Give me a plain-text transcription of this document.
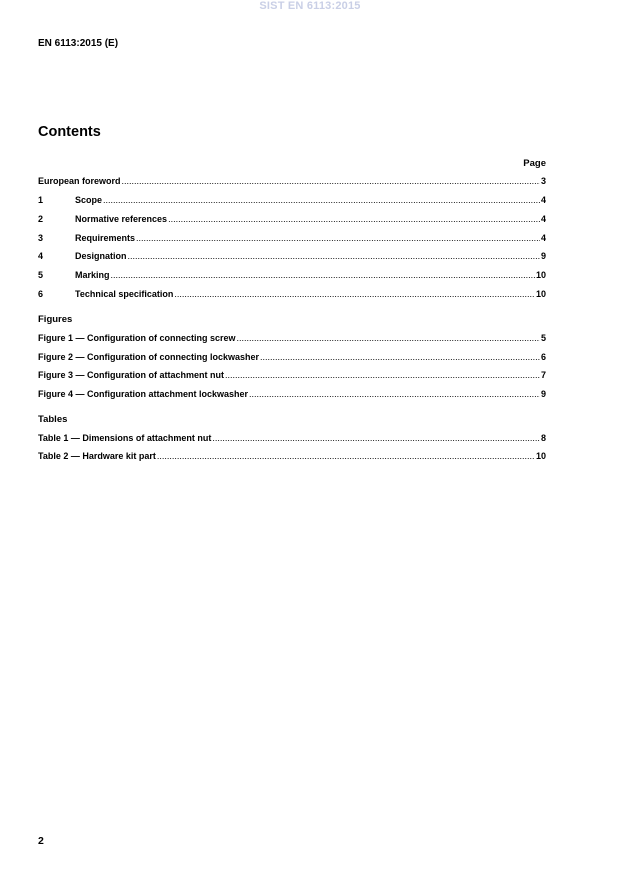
SIST EN 6113:2015
EN 6113:2015 (E)
Contents
Page
European foreword .....	3
1	Scope .....	4
2	Normative references .....	4
3	Requirements .....	4
4	Designation .....	9
5	Marking .....	10
6	Technical specification .....	10
Figures
Figure 1 — Configuration of connecting screw .....	5
Figure 2 — Configuration of connecting lockwasher .....	6
Figure 3 — Configuration of attachment nut .....	7
Figure 4 — Configuration attachment lockwasher .....	9
Tables
Table 1 — Dimensions of attachment nut .....	8
Table 2 — Hardware kit part .....	10
2
